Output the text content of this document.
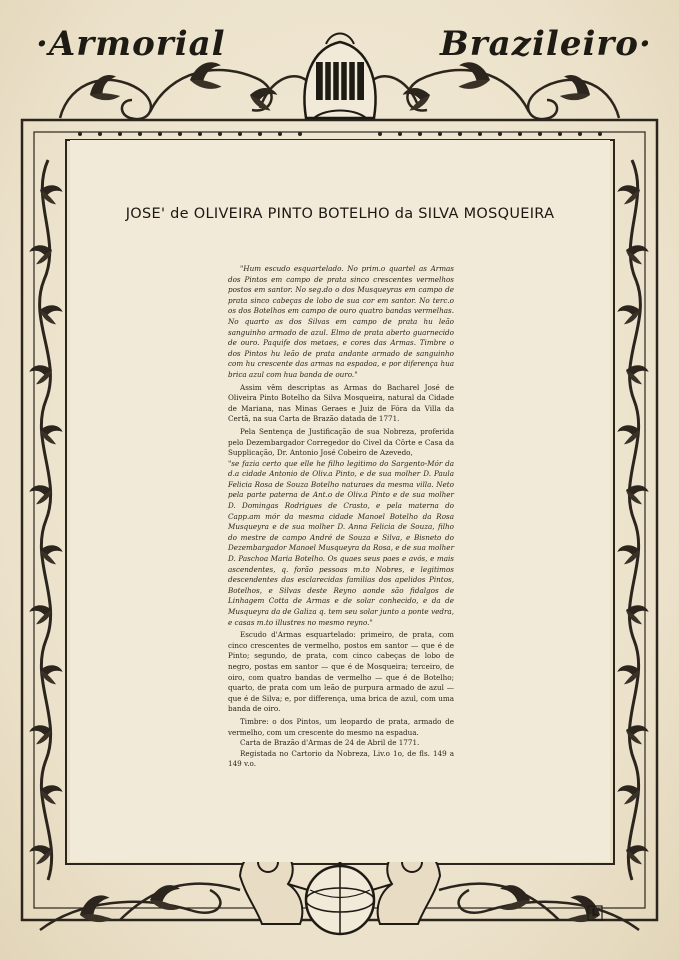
·Armorial	Brazileiro·
JOSE' de OLIVEIRA PINTO BOTELHO da SILVA MOSQUEIRA

"Hum escudo esquartelado. No prim.o quartel as Armas dos Pintos em campo de prata sinco crescentes vermelhos postos em santor. No seg.do o dos Musqueyras em campo de prata sinco cabeças de lobo de sua cor em santor. No terc.o os dos Botelhos em campo de ouro quatro bandas vermelhas. No quarto as dos Silvas em campo de prata hu leão sanguinho armado de azul. Elmo de prata aberto guarnecido de ouro. Paquife dos metaes, e cores das Armas. Timbre o dos Pintos hu leão de prata andante armado de sanguinho com hu crescente das armas na espadoa, e por diferença hua brica azul com hua banda de ouro."

Assim vêm descriptas as Armas do Bacharel José de Oliveira Pinto Botelho da Silva Mosqueira, natural da Cidade de Mariana, nas Minas Geraes e Juiz de Fóra da Villa da Certã, na sua Carta de Brazão datada de 1771.

Pela Sentença de Justificação de sua Nobreza, proferida pelo Dezembargador Corregedor do Civel da Côrte e Casa da Supplicação, Dr. Antonio José Cobeiro de Azevedo,

"se fazia certo que elle he filho legitimo do Sargento-Mór da d.a cidade Antonio de Oliv.a Pinto, e de sua molher D. Paula Felicia Rosa de Souza Botelho naturaes da mesma villa. Neto pela parte paterna de Ant.o de Oliv.a Pinto e de sua molher D. Domingas Rodrigues de Crasto, e pela materna do Capp.am mór da mesma cidade Manoel Botelho da Rosa Musqueyra e de sua molher D. Anna Felicia de Souza, filho do mestre de campo André de Souza e Silva, e Bisneto do Dezembargador Manoel Musqueyra da Rosa, e de sua molher D. Paschoa Maria Botelho. Os quaes seus paes e avós, e mais ascendentes, q. forão pessoas m.to Nobres, e legitimos descendentes das esclarecidas familias dos apelidos Pintos, Botelhos, e Silvas deste Reyno aonde são fidalgos de Linhagem Cotta de Armas e de solar conhecido, e da de Musqueyra da de Galiza q. tem seu solar junto a ponte vedra, e casas m.to illustres no mesmo reyno."

Escudo d'Armas esquartelado: primeiro, de prata, com cinco crescentes de vermelho, postos em santor — que é de Pinto; segundo, de prata, com cinco cabeças de lobo de negro, postas em santor — que é de Mosqueira; terceiro, de oiro, com quatro bandas de vermelho — que é de Botelho; quarto, de prata com um leão de purpura armado de azul — que é de Silva; e, por differença, uma brica de azul, com uma banda de oiro.

Timbre: o dos Pintos, um leopardo de prata, armado de vermelho, com um crescente do mesmo na espadua.

Carta de Brazão d'Armas de 24 de Abril de 1771.

Registada no Cartorio da Nobreza, Liv.o 1o, de fls. 149 a 149 v.o.

L
